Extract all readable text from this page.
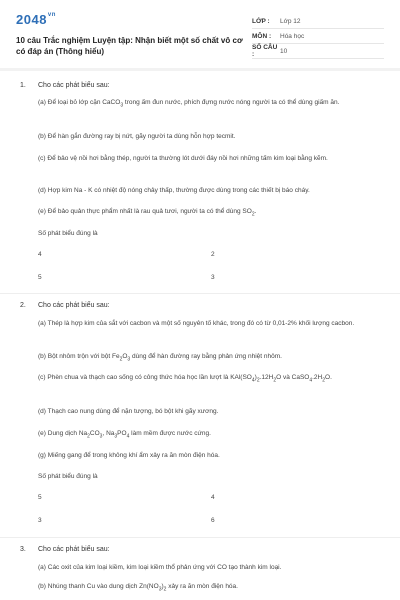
$2048^{vn}$
10 câu Trắc nghiệm Luyện tập: Nhận biết một số chất vô cơ có đáp án (Thông hiểu)
LỚP :	Lớp 12
MÔN :	Hóa học
SỐ CÂU :	10
1. Cho các phát biểu sau:
(a) Để loại bỏ lớp cặn CaCO$_3$ trong ấm đun nước, phích đựng nước nóng người ta có thể dùng giấm ăn.
(b) Để hàn gắn đường ray bị nứt, gãy người ta dùng hỗn hợp tecmit.
(c) Để bảo vệ nồi hơi bằng thép, người ta thường lót dưới đáy nồi hơi những tấm kim loại bằng kẽm.
(d) Hợp kim Na - K có nhiệt độ nóng chảy thấp, thường được dùng trong các thiết bị báo cháy.
(e) Để bảo quản thực phẩm nhất là rau quả tươi, người ta có thể dùng $SO_2$.
Số phát biểu đúng là
4	2
5	3
2. Cho các phát biểu sau:
(a) Thép là hợp kim của sắt với cacbon và một số nguyên tố khác, trong đó có từ 0,01-2% khối lượng cacbon.
(b) Bột nhôm trộn với bột $Fe_2O_3$ dùng để hàn đường ray bằng phản ứng nhiệt nhôm.
(c) Phèn chua và thạch cao sống có công thức hóa học lần lượt là $KAl(SO_4)_2.12H_2O$ và $CaSO_4.2H_2O$.
(d) Thạch cao nung dùng để nặn tượng, bó bột khi gãy xương.
(e) Dung dịch $Na_2CO_3$, $Na_3PO_4$ làm mềm được nước cứng.
(g) Miếng gang để trong không khí ẩm xảy ra ăn mòn điện hóa.
Số phát biểu đúng là
5	4
3	6
3. Cho các phát biểu sau:
(a) Các oxit của kim loại kiềm, kim loại kiềm thổ phản ứng với CO tạo thành kim loại.
(b) Nhúng thanh Cu vào dung dịch $Zn(NO_3)_2$ xảy ra ăn mòn điện hóa.
